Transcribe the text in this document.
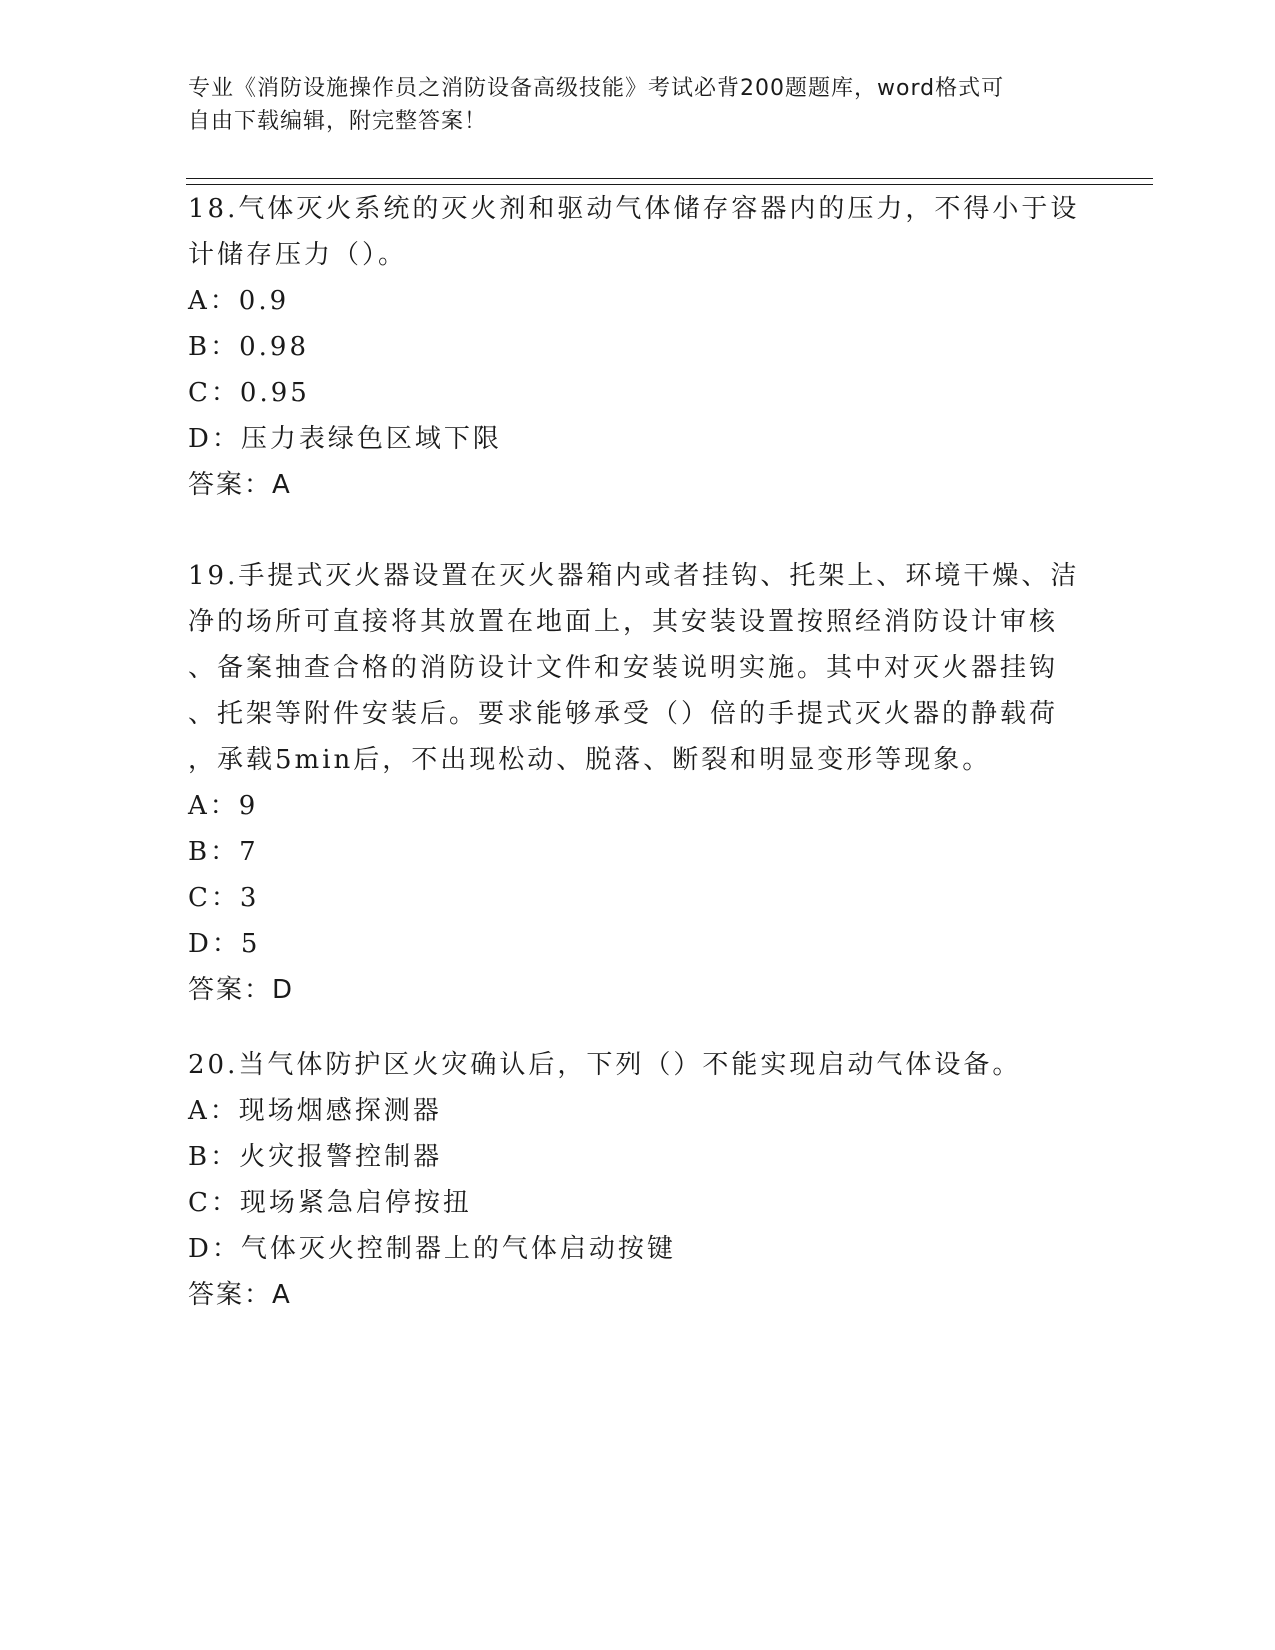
专业《消防设施操作员之消防设备高级技能》考试必背200题题库，word格式可
自由下载编辑，附完整答案！

18.气体灭火系统的灭火剂和驱动气体储存容器内的压力，不得小于设

计储存压力（）。

A：0.9

B：0.98

C：0.95

D：压力表绿色区域下限

答案：A

19.手提式灭火器设置在灭火器箱内或者挂钩、托架上、环境干燥、洁

净的场所可直接将其放置在地面上，其安装设置按照经消防设计审核

、备案抽查合格的消防设计文件和安装说明实施。其中对灭火器挂钩

、托架等附件安装后。要求能够承受（）倍的手提式灭火器的静载荷

，承载5min后，不出现松动、脱落、断裂和明显变形等现象。

A：9

B：7

C：3

D：5

答案：D

20.当气体防护区火灾确认后，下列（）不能实现启动气体设备。

A：现场烟感探测器

B：火灾报警控制器

C：现场紧急启停按扭

D：气体灭火控制器上的气体启动按键

答案：A
